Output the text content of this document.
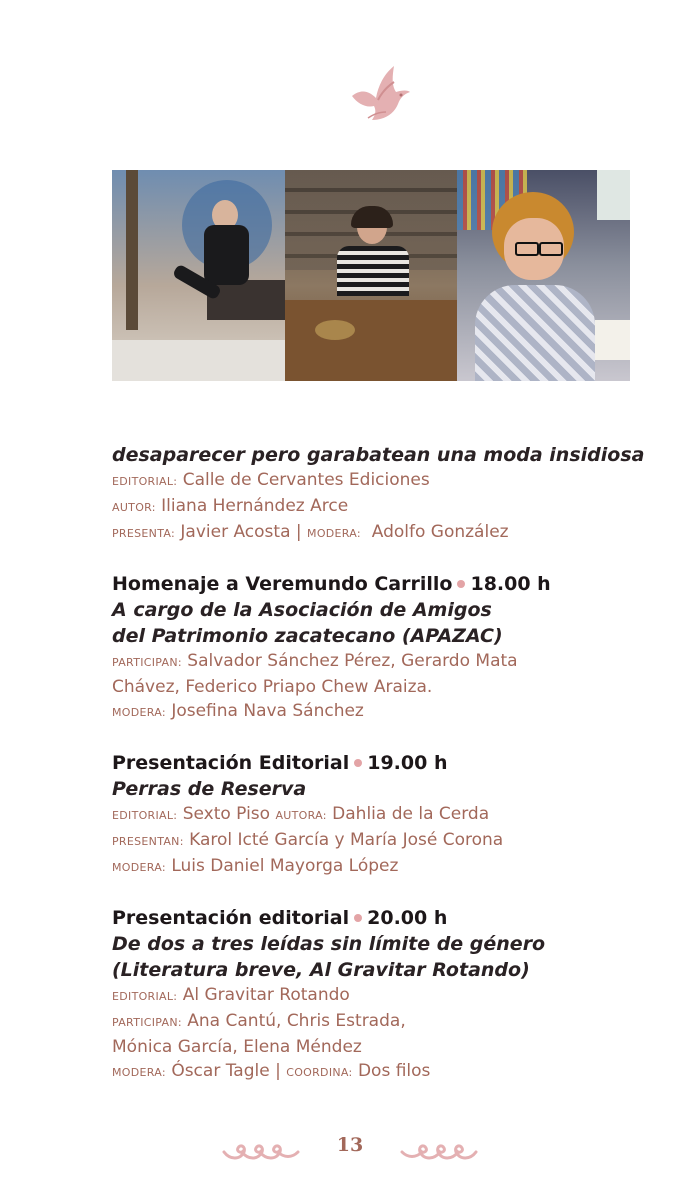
desaparecer pero garabatean una moda insidiosa
EDITORIAL: Calle de Cervantes Ediciones
AUTOR: Iliana Hernández Arce
PRESENTA: Javier Acosta | MODERA: Adolfo González
Homenaje a Veremundo Carrillo 18.00 h
A cargo de la Asociación de Amigos
del Patrimonio zacatecano (APAZAC)
PARTICIPAN: Salvador Sánchez Pérez, Gerardo Mata
Chávez, Federico Priapo Chew Araiza.
MODERA: Josefina Nava Sánchez
Presentación Editorial 19.00 h
Perras de Reserva
EDITORIAL: Sexto Piso AUTORA: Dahlia de la Cerda
PRESENTAN: Karol Icté García y María José Corona
MODERA: Luis Daniel Mayorga López
Presentación editorial 20.00 h
De dos a tres leídas sin límite de género
(Literatura breve, Al Gravitar Rotando)
EDITORIAL: Al Gravitar Rotando
PARTICIPAN: Ana Cantú, Chris Estrada,
Mónica García, Elena Méndez
MODERA: Óscar Tagle | COORDINA: Dos filos
13
